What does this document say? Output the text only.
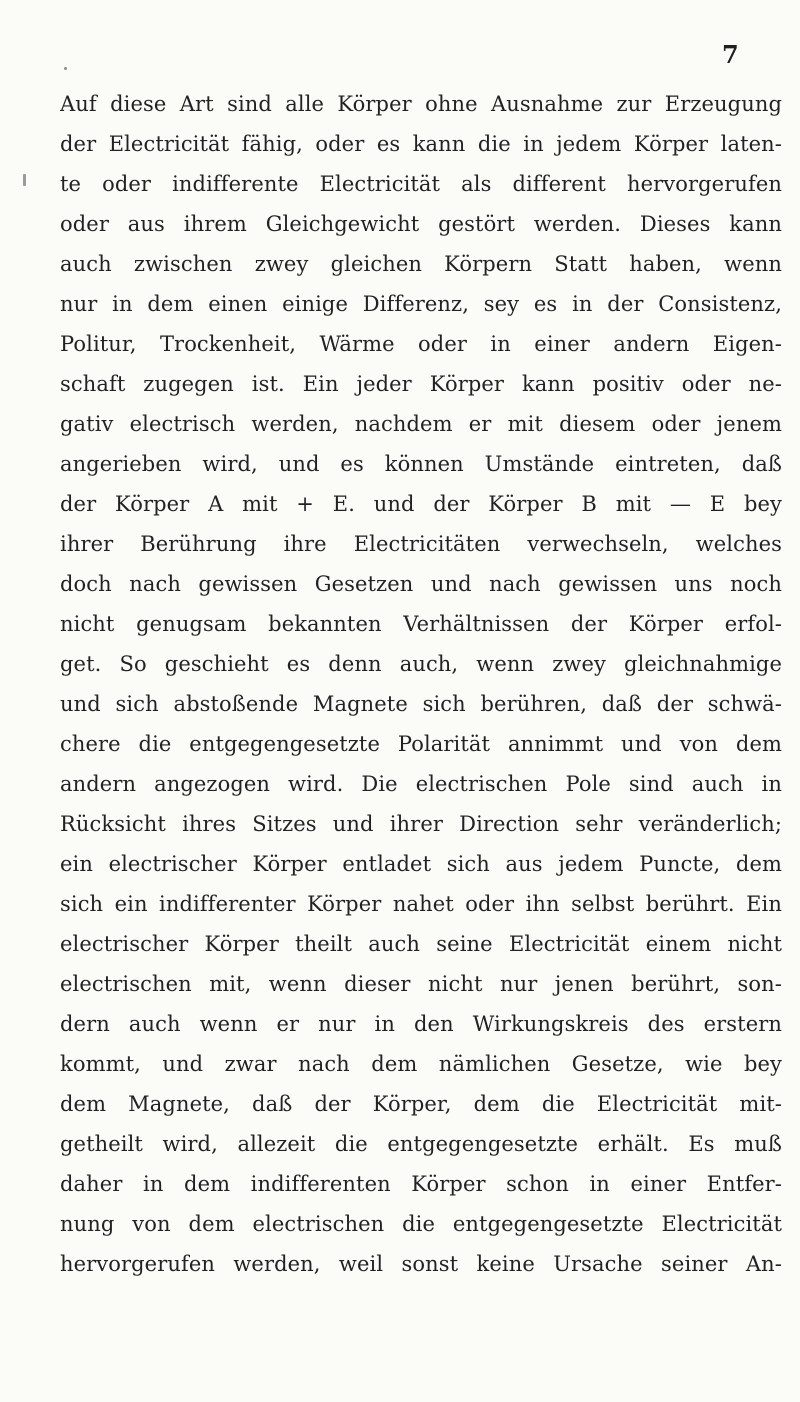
7
Auf diese Art sind alle Körper ohne Ausnahme zur Erzeugung
der Electricität fähig, oder es kann die in jedem Körper laten-
te oder indifferente Electricität als different hervorgerufen
oder aus ihrem Gleichgewicht gestört werden. Dieses kann
auch zwischen zwey gleichen Körpern Statt haben, wenn
nur in dem einen einige Differenz, sey es in der Consistenz,
Politur, Trockenheit, Wärme oder in einer andern Eigen-
schaft zugegen ist. Ein jeder Körper kann positiv oder ne-
gativ electrisch werden, nachdem er mit diesem oder jenem
angerieben wird, und es können Umstände eintreten, daß
der Körper A mit + E. und der Körper B mit — E bey
ihrer Berührung ihre Electricitäten verwechseln, welches
doch nach gewissen Gesetzen und nach gewissen uns noch
nicht genugsam bekannten Verhältnissen der Körper erfol-
get. So geschieht es denn auch, wenn zwey gleichnahmige
und sich abstoßende Magnete sich berühren, daß der schwä-
chere die entgegengesetzte Polarität annimmt und von dem
andern angezogen wird. Die electrischen Pole sind auch in
Rücksicht ihres Sitzes und ihrer Direction sehr veränderlich;
ein electrischer Körper entladet sich aus jedem Puncte, dem
sich ein indifferenter Körper nahet oder ihn selbst berührt. Ein
electrischer Körper theilt auch seine Electricität einem nicht
electrischen mit, wenn dieser nicht nur jenen berührt, son-
dern auch wenn er nur in den Wirkungskreis des erstern
kommt, und zwar nach dem nämlichen Gesetze, wie bey
dem Magnete, daß der Körper, dem die Electricität mit-
getheilt wird, allezeit die entgegengesetzte erhält. Es muß
daher in dem indifferenten Körper schon in einer Entfer-
nung von dem electrischen die entgegengesetzte Electricität
hervorgerufen werden, weil sonst keine Ursache seiner An-
